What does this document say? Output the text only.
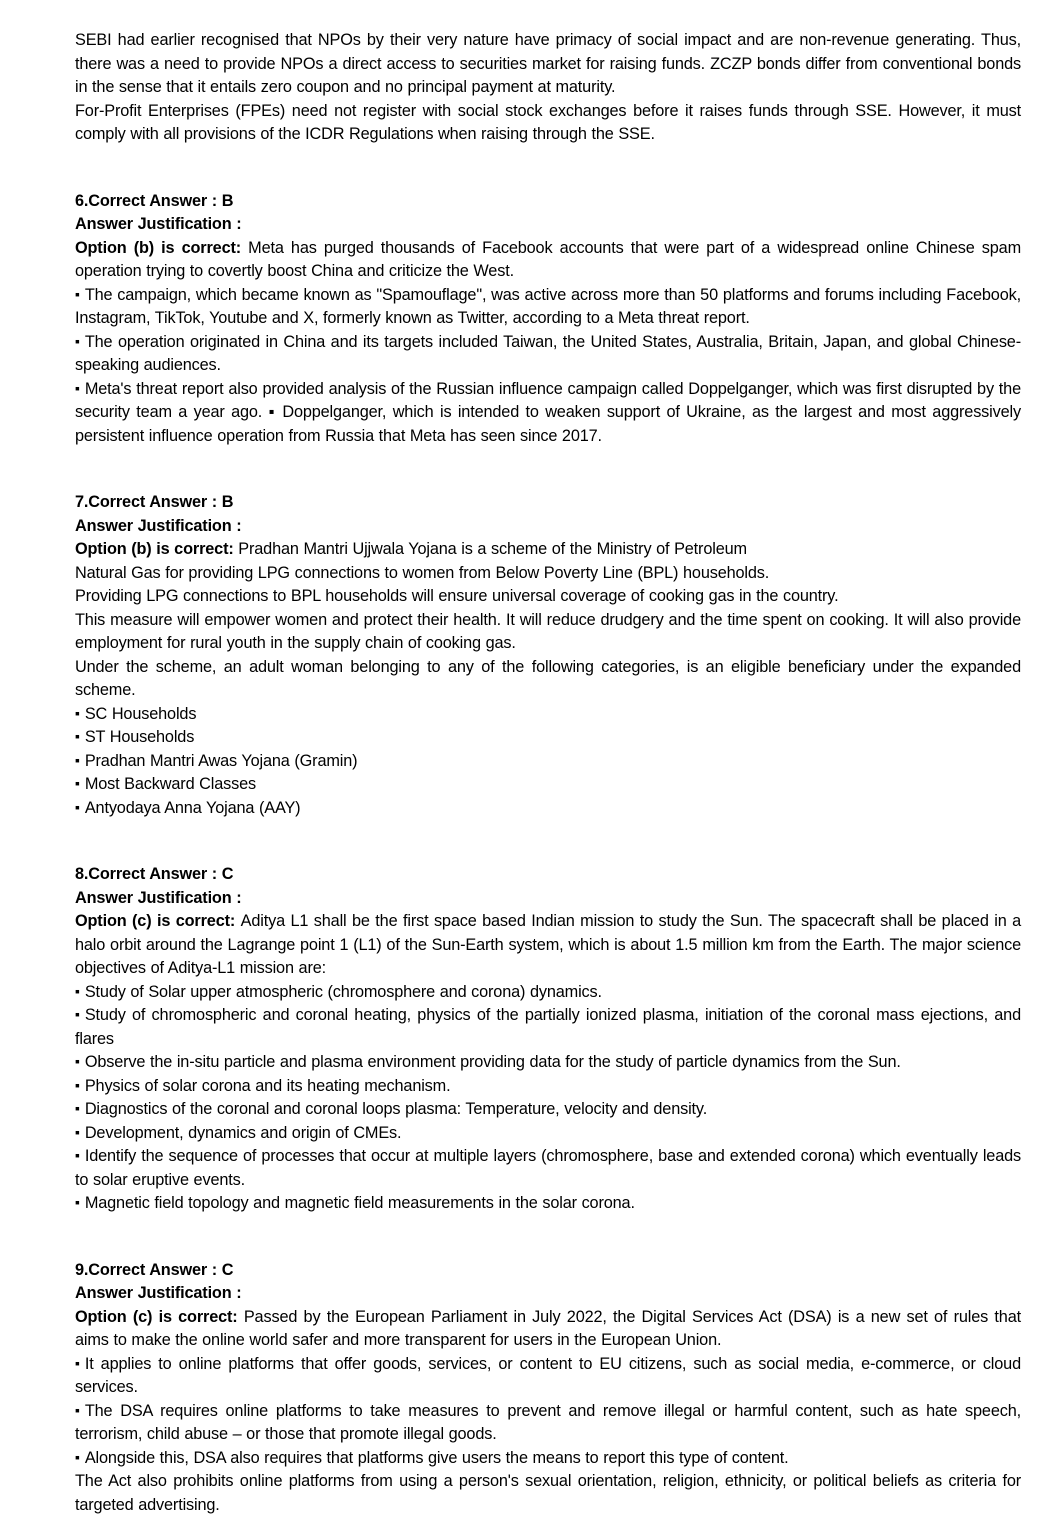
SEBI had earlier recognised that NPOs by their very nature have primacy of social impact and are non-revenue generating. Thus, there was a need to provide NPOs a direct access to securities market for raising funds. ZCZP bonds differ from conventional bonds in the sense that it entails zero coupon and no principal payment at maturity.

For-Profit Enterprises (FPEs) need not register with social stock exchanges before it raises funds through SSE. However, it must comply with all provisions of the ICDR Regulations when raising through the SSE.

6.Correct Answer : B

Answer Justification :

Option (b) is correct: Meta has purged thousands of Facebook accounts that were part of a widespread online Chinese spam operation trying to covertly boost China and criticize the West.

▪ The campaign, which became known as "Spamouflage", was active across more than 50 platforms and forums including Facebook, Instagram, TikTok, Youtube and X, formerly known as Twitter, according to a Meta threat report.

▪ The operation originated in China and its targets included Taiwan, the United States, Australia, Britain, Japan, and global Chinese-speaking audiences.

▪ Meta's threat report also provided analysis of the Russian influence campaign called Doppelganger, which was first disrupted by the security team a year ago. ▪ Doppelganger, which is intended to weaken support of Ukraine, as the largest and most aggressively persistent influence operation from Russia that Meta has seen since 2017.

7.Correct Answer : B

Answer Justification :

Option (b) is correct: Pradhan Mantri Ujjwala Yojana is a scheme of the Ministry of Petroleum

Natural Gas for providing LPG connections to women from Below Poverty Line (BPL) households.

Providing LPG connections to BPL households will ensure universal coverage of cooking gas in the country.

This measure will empower women and protect their health. It will reduce drudgery and the time spent on cooking. It will also provide employment for rural youth in the supply chain of cooking gas.

Under the scheme, an adult woman belonging to any of the following categories, is an eligible beneficiary under the expanded scheme.

▪ SC Households

▪ ST Households

▪ Pradhan Mantri Awas Yojana (Gramin)

▪ Most Backward Classes

▪ Antyodaya Anna Yojana (AAY)

8.Correct Answer : C

Answer Justification :

Option (c) is correct: Aditya L1 shall be the first space based Indian mission to study the Sun. The spacecraft shall be placed in a halo orbit around the Lagrange point 1 (L1) of the Sun-Earth system, which is about 1.5 million km from the Earth. The major science objectives of Aditya-L1 mission are:

▪ Study of Solar upper atmospheric (chromosphere and corona) dynamics.

▪ Study of chromospheric and coronal heating, physics of the partially ionized plasma, initiation of the coronal mass ejections, and flares

▪ Observe the in-situ particle and plasma environment providing data for the study of particle dynamics from the Sun.

▪ Physics of solar corona and its heating mechanism.

▪ Diagnostics of the coronal and coronal loops plasma: Temperature, velocity and density.

▪ Development, dynamics and origin of CMEs.

▪ Identify the sequence of processes that occur at multiple layers (chromosphere, base and extended corona) which eventually leads to solar eruptive events.

▪ Magnetic field topology and magnetic field measurements in the solar corona.

9.Correct Answer : C

Answer Justification :

Option (c) is correct: Passed by the European Parliament in July 2022, the Digital Services Act (DSA) is a new set of rules that aims to make the online world safer and more transparent for users in the European Union.

▪ It applies to online platforms that offer goods, services, or content to EU citizens, such as social media, e-commerce, or cloud services.

▪ The DSA requires online platforms to take measures to prevent and remove illegal or harmful content, such as hate speech, terrorism, child abuse – or those that promote illegal goods.

▪ Alongside this, DSA also requires that platforms give users the means to report this type of content.

The Act also prohibits online platforms from using a person's sexual orientation, religion, ethnicity, or political beliefs as criteria for targeted advertising.
